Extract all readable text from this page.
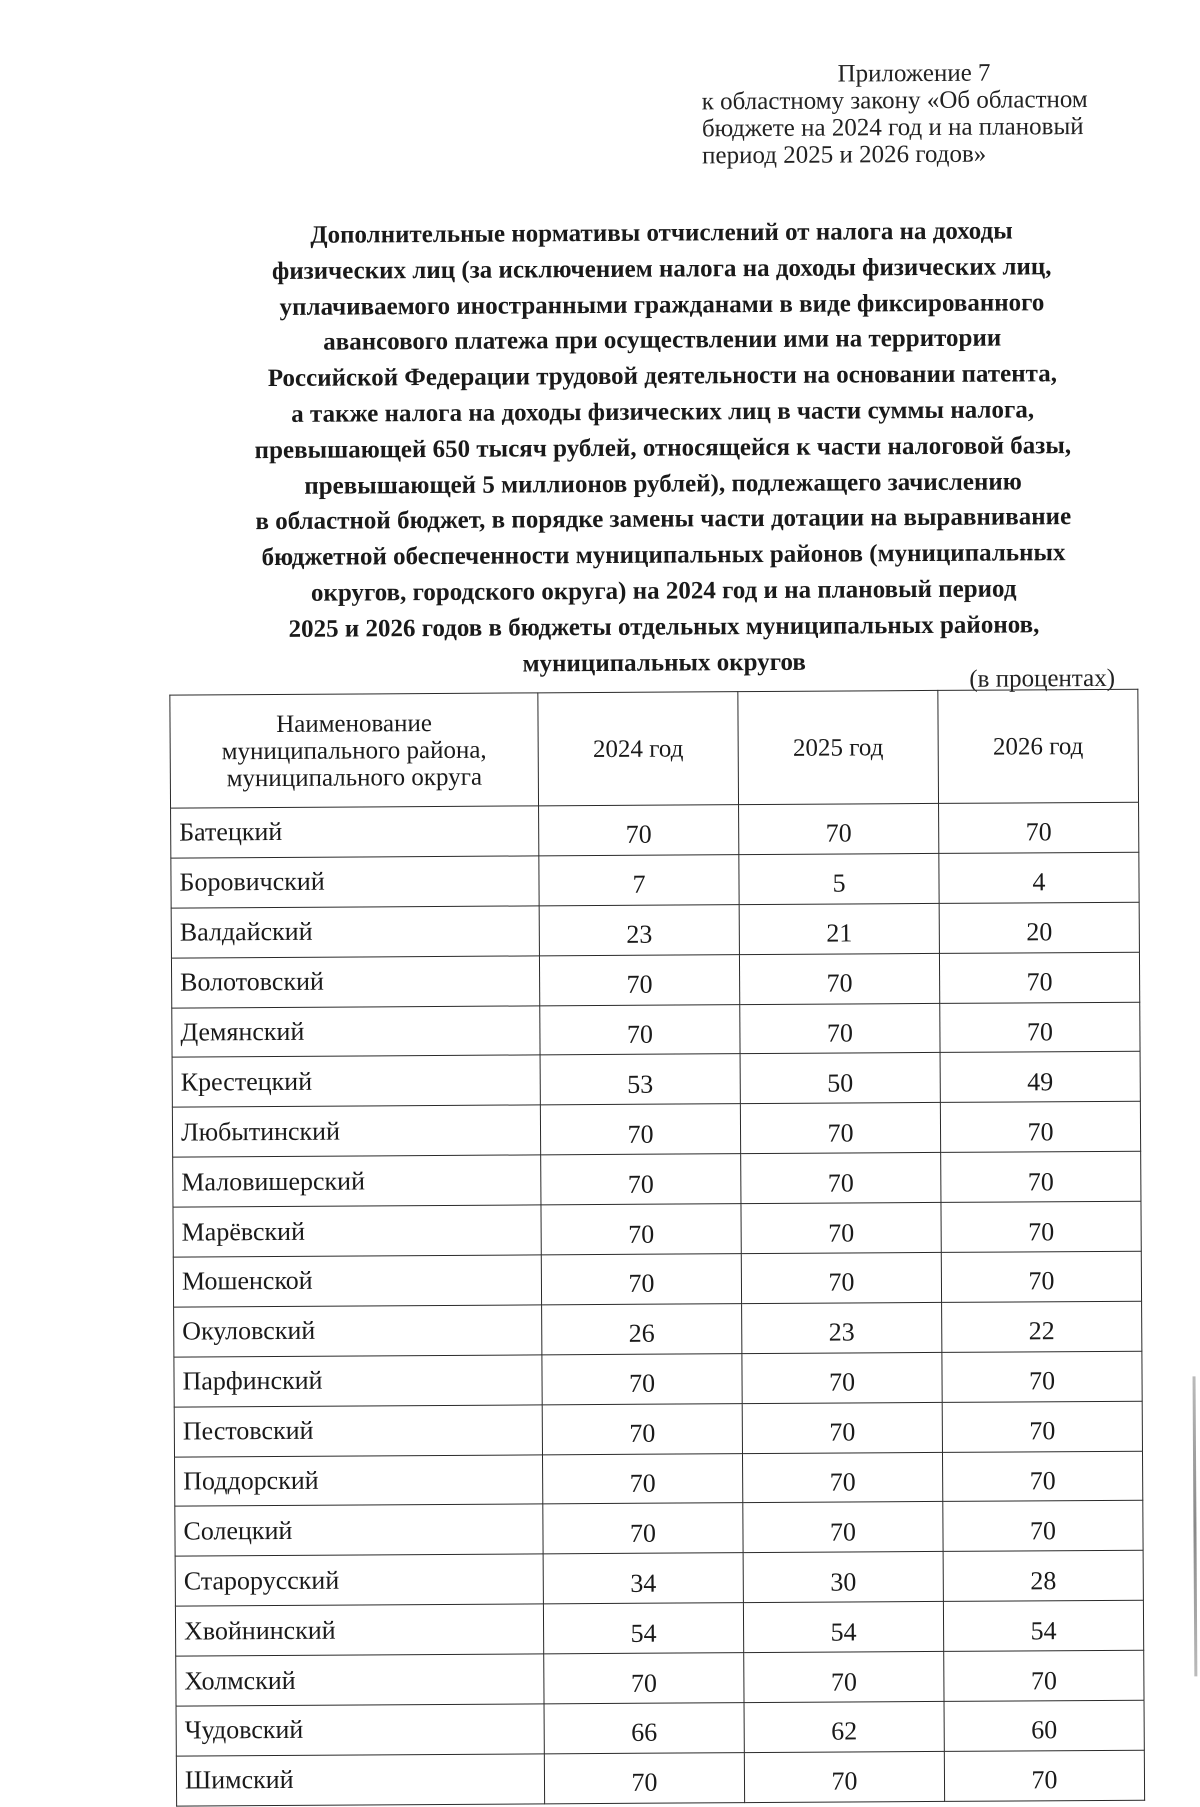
Приложение 7
к областному закону «Об областном
бюджете на 2024 год и на плановый
период 2025 и 2026 годов»
Дополнительные нормативы отчислений от налога на доходы
физических лиц (за исключением налога на доходы физических лиц,
уплачиваемого иностранными гражданами в виде фиксированного
авансового платежа при осуществлении ими на территории
Российской Федерации трудовой деятельности на основании патента,
а также налога на доходы физических лиц в части суммы налога,
превышающей 650 тысяч рублей, относящейся к части налоговой базы,
превышающей 5 миллионов рублей), подлежащего зачислению
в областной бюджет, в порядке замены части дотации на выравнивание
бюджетной обеспеченности муниципальных районов (муниципальных
округов, городского округа) на 2024 год и на плановый период
2025 и 2026 годов в бюджеты отдельных муниципальных районов,
муниципальных округов
(в процентах)
Наименование
муниципального района,
муниципального округа	2024 год	2025 год	2026 год
Батецкий	70	70	70
Боровичский	7	5	4
Валдайский	23	21	20
Волотовский	70	70	70
Демянский	70	70	70
Крестецкий	53	50	49
Любытинский	70	70	70
Маловишерский	70	70	70
Марёвский	70	70	70
Мошенской	70	70	70
Окуловский	26	23	22
Парфинский	70	70	70
Пестовский	70	70	70
Поддорский	70	70	70
Солецкий	70	70	70
Старорусский	34	30	28
Хвойнинский	54	54	54
Холмский	70	70	70
Чудовский	66	62	60
Шимский	70	70	70
